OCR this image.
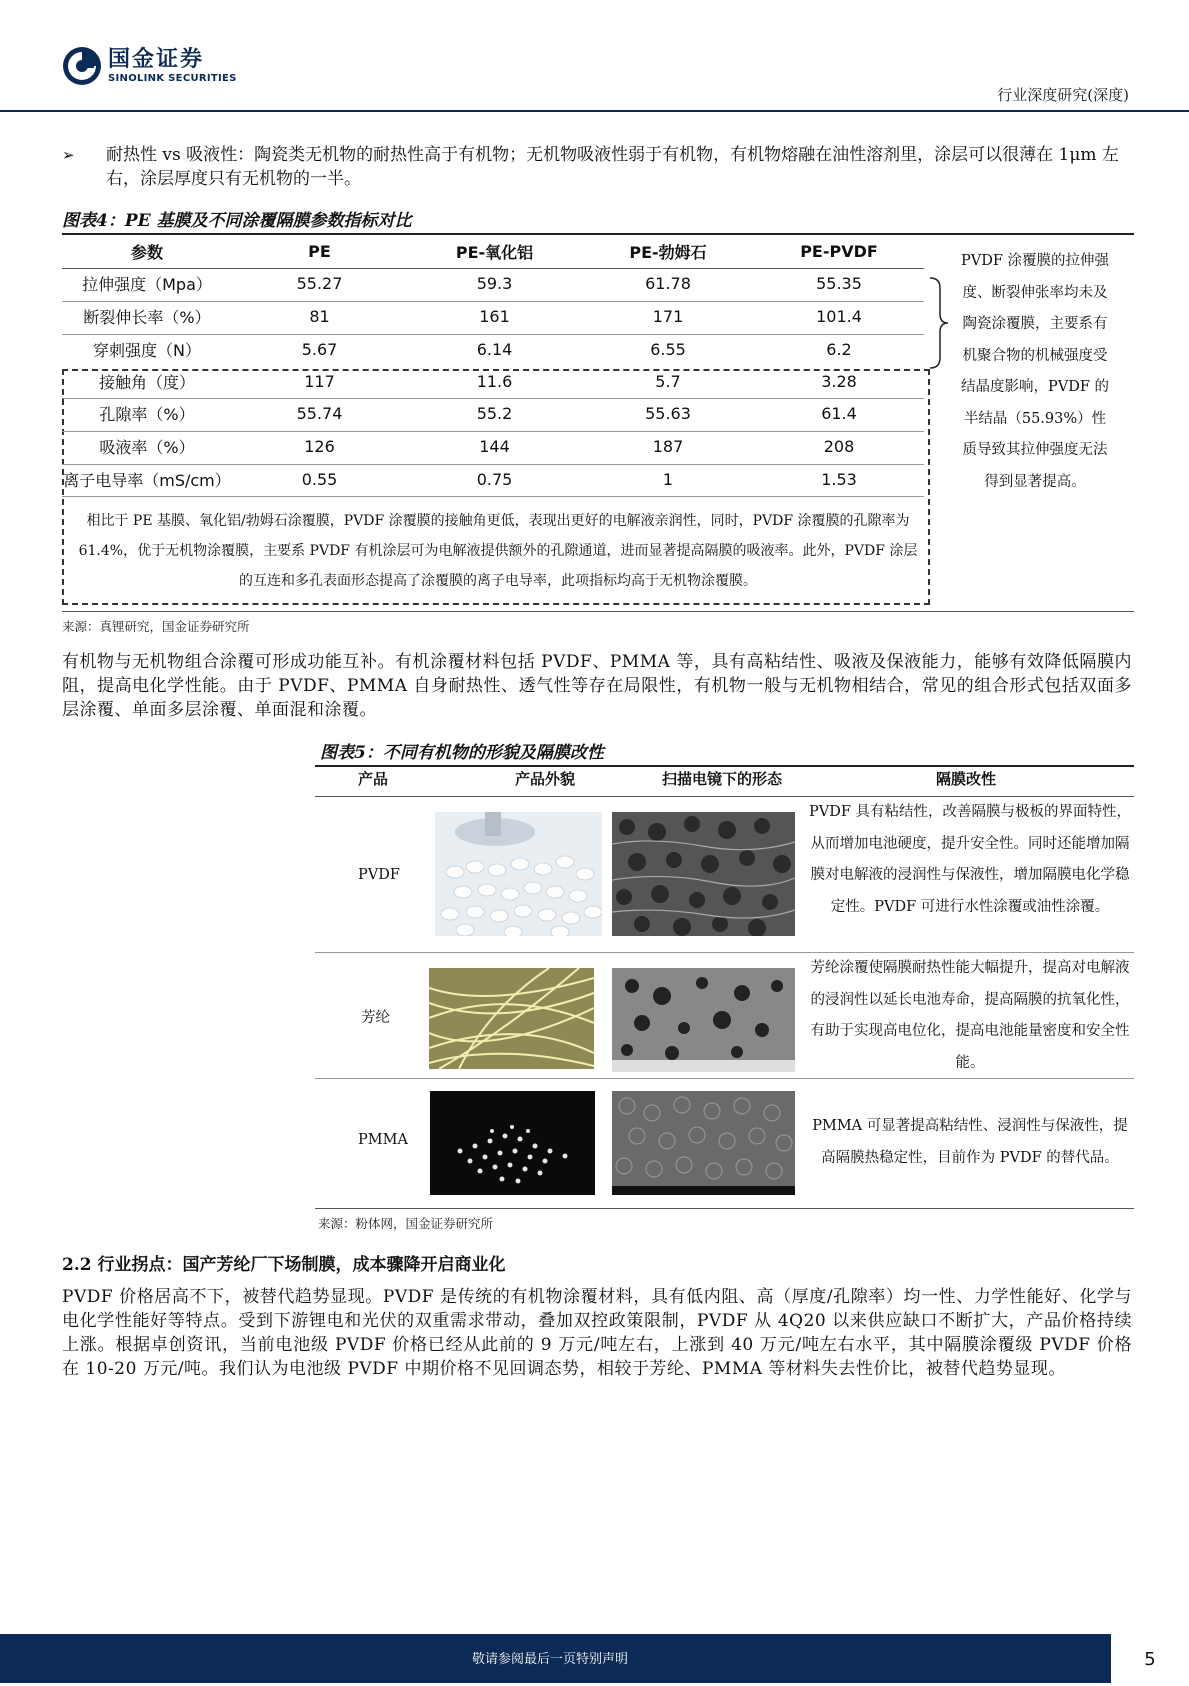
国金证券
SINOLINK SECURITIES
行业深度研究(深度)
➢ 耐热性 vs 吸液性：陶瓷类无机物的耐热性高于有机物；无机物吸液性弱于有机物，有机物熔融在油性溶剂里，涂层可以很薄在 1μm 左右，涂层厚度只有无机物的一半。
图表4：PE 基膜及不同涂覆隔膜参数指标对比
参数	PE	PE-氧化铝	PE-勃姆石	PE-PVDF
拉伸强度（Mpa）	55.27	59.3	61.78	55.35
断裂伸长率（%）	81	161	171	101.4
穿刺强度（N）	5.67	6.14	6.55	6.2
接触角（度）	117	11.6	5.7	3.28
孔隙率（%）	55.74	55.2	55.63	61.4
吸液率（%）	126	144	187	208
离子电导率（mS/cm）	0.55	0.75	1	1.53
相比于 PE 基膜、氧化铝/勃姆石涂覆膜，PVDF 涂覆膜的接触角更低，表现出更好的电解液亲润性，同时，PVDF 涂覆膜的孔隙率为 61.4%，优于无机物涂覆膜，主要系 PVDF 有机涂层可为电解液提供额外的孔隙通道，进而显著提高隔膜的吸液率。此外，PVDF 涂层的互连和多孔表面形态提高了涂覆膜的离子电导率，此项指标均高于无机物涂覆膜。
PVDF 涂覆膜的拉伸强度、断裂伸张率均未及陶瓷涂覆膜，主要系有机聚合物的机械强度受结晶度影响，PVDF 的半结晶（55.93%）性质导致其拉伸强度无法得到显著提高。
来源：真锂研究，国金证券研究所
有机物与无机物组合涂覆可形成功能互补。有机涂覆材料包括 PVDF、PMMA 等，具有高粘结性、吸液及保液能力，能够有效降低隔膜内阻，提高电化学性能。由于 PVDF、PMMA 自身耐热性、透气性等存在局限性，有机物一般与无机物相结合，常见的组合形式包括双面多层涂覆、单面多层涂覆、单面混和涂覆。
图表5：不同有机物的形貌及隔膜改性
产品	产品外貌	扫描电镜下的形态	隔膜改性
PVDF
PVDF 具有粘结性，改善隔膜与极板的界面特性，从而增加电池硬度，提升安全性。同时还能增加隔膜对电解液的浸润性与保液性，增加隔膜电化学稳定性。PVDF 可进行水性涂覆或油性涂覆。
芳纶
芳纶涂覆使隔膜耐热性能大幅提升，提高对电解液的浸润性以延长电池寿命，提高隔膜的抗氧化性，有助于实现高电位化，提高电池能量密度和安全性能。
PMMA
PMMA 可显著提高粘结性、浸润性与保液性，提高隔膜热稳定性，目前作为 PVDF 的替代品。
来源：粉体网，国金证券研究所
2.2 行业拐点：国产芳纶厂下场制膜，成本骤降开启商业化
PVDF 价格居高不下，被替代趋势显现。PVDF 是传统的有机物涂覆材料，具有低内阻、高（厚度/孔隙率）均一性、力学性能好、化学与电化学性能好等特点。受到下游锂电和光伏的双重需求带动，叠加双控政策限制，PVDF 从 4Q20 以来供应缺口不断扩大，产品价格持续上涨。根据卓创资讯，当前电池级 PVDF 价格已经从此前的 9 万元/吨左右，上涨到 40 万元/吨左右水平，其中隔膜涂覆级 PVDF 价格在 10-20 万元/吨。我们认为电池级 PVDF 中期价格不见回调态势，相较于芳纶、PMMA 等材料失去性价比，被替代趋势显现。
敬请参阅最后一页特别声明	5
